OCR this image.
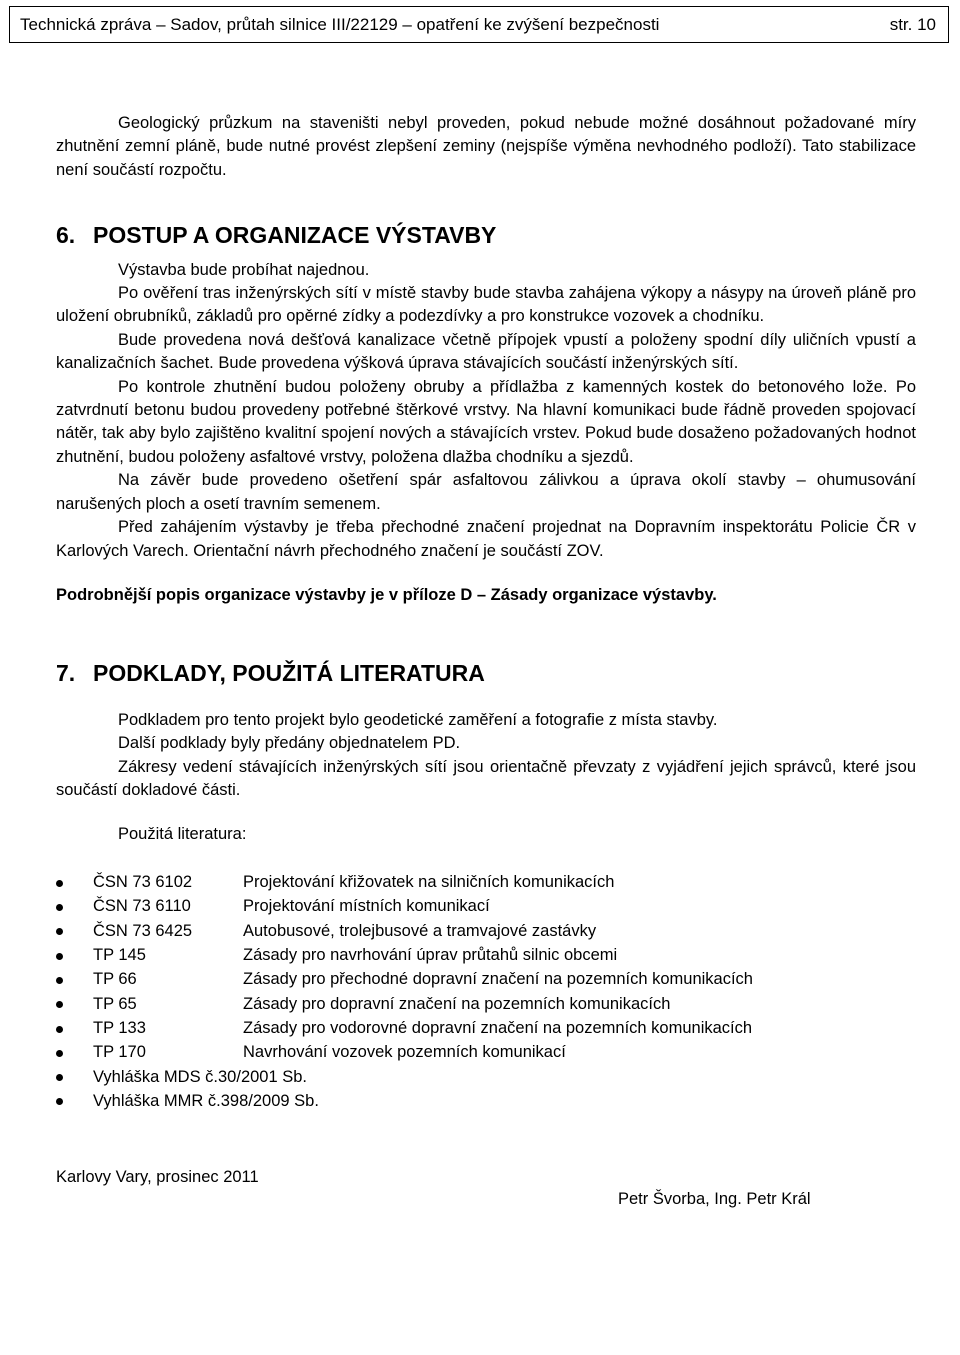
Technická zpráva – Sadov, průtah silnice III/22129 – opatření ke zvýšení bezpečnosti	str. 10

Geologický průzkum na staveništi nebyl proveden, pokud nebude možné dosáhnout požadované míry zhutnění zemní pláně, bude nutné provést zlepšení zeminy (nejspíše výměna nevhodného podloží). Tato stabilizace není součástí rozpočtu.

6. POSTUP A ORGANIZACE VÝSTAVBY

Výstavba bude probíhat najednou.

Po ověření tras inženýrských sítí v místě stavby bude stavba zahájena výkopy a násypy na úroveň pláně pro uložení obrubníků, základů pro opěrné zídky a podezdívky a pro konstrukce vozovek a chodníku.

Bude provedena nová dešťová kanalizace včetně přípojek vpustí a položeny spodní díly uličních vpustí a kanalizačních šachet. Bude provedena výšková úprava stávajících součástí inženýrských sítí.

Po kontrole zhutnění budou položeny obruby a přídlažba z kamenných kostek do betonového lože. Po zatvrdnutí betonu budou provedeny potřebné štěrkové vrstvy. Na hlavní komunikaci bude řádně proveden spojovací nátěr, tak aby bylo zajištěno kvalitní spojení nových a stávajících vrstev. Pokud bude dosaženo požadovaných hodnot zhutnění, budou položeny asfaltové vrstvy, položena dlažba chodníku a sjezdů.

Na závěr bude provedeno ošetření spár asfaltovou zálivkou a úprava okolí stavby – ohumusování narušených ploch a osetí travním semenem.

Před zahájením výstavby je třeba přechodné značení projednat na Dopravním inspektorátu Policie ČR v Karlových Varech. Orientační návrh přechodného značení je součástí ZOV.

Podrobnější popis organizace výstavby je v příloze D – Zásady organizace výstavby.

7. PODKLADY, POUŽITÁ LITERATURA

Podkladem pro tento projekt bylo geodetické zaměření a fotografie z místa stavby.

Další podklady byly předány objednatelem PD.

Zákresy vedení stávajících inženýrských sítí jsou orientačně převzaty z vyjádření jejich správců, které jsou součástí dokladové části.

Použitá literatura:

ČSN 73 6102	Projektování křižovatek na silničních komunikacích
ČSN 73 6110	Projektování místních komunikací
ČSN 73 6425	Autobusové, trolejbusové a tramvajové zastávky
TP 145	Zásady pro navrhování úprav průtahů silnic obcemi
TP 66	Zásady pro přechodné dopravní značení na pozemních komunikacích
TP 65	Zásady pro dopravní značení na pozemních komunikacích
TP 133	Zásady pro vodorovné dopravní značení na pozemních komunikacích
TP 170	Navrhování vozovek pozemních komunikací
Vyhláška MDS č.30/2001 Sb.
Vyhláška MMR č.398/2009 Sb.
Karlovy Vary, prosinec 2011
Petr Švorba, Ing. Petr Král
